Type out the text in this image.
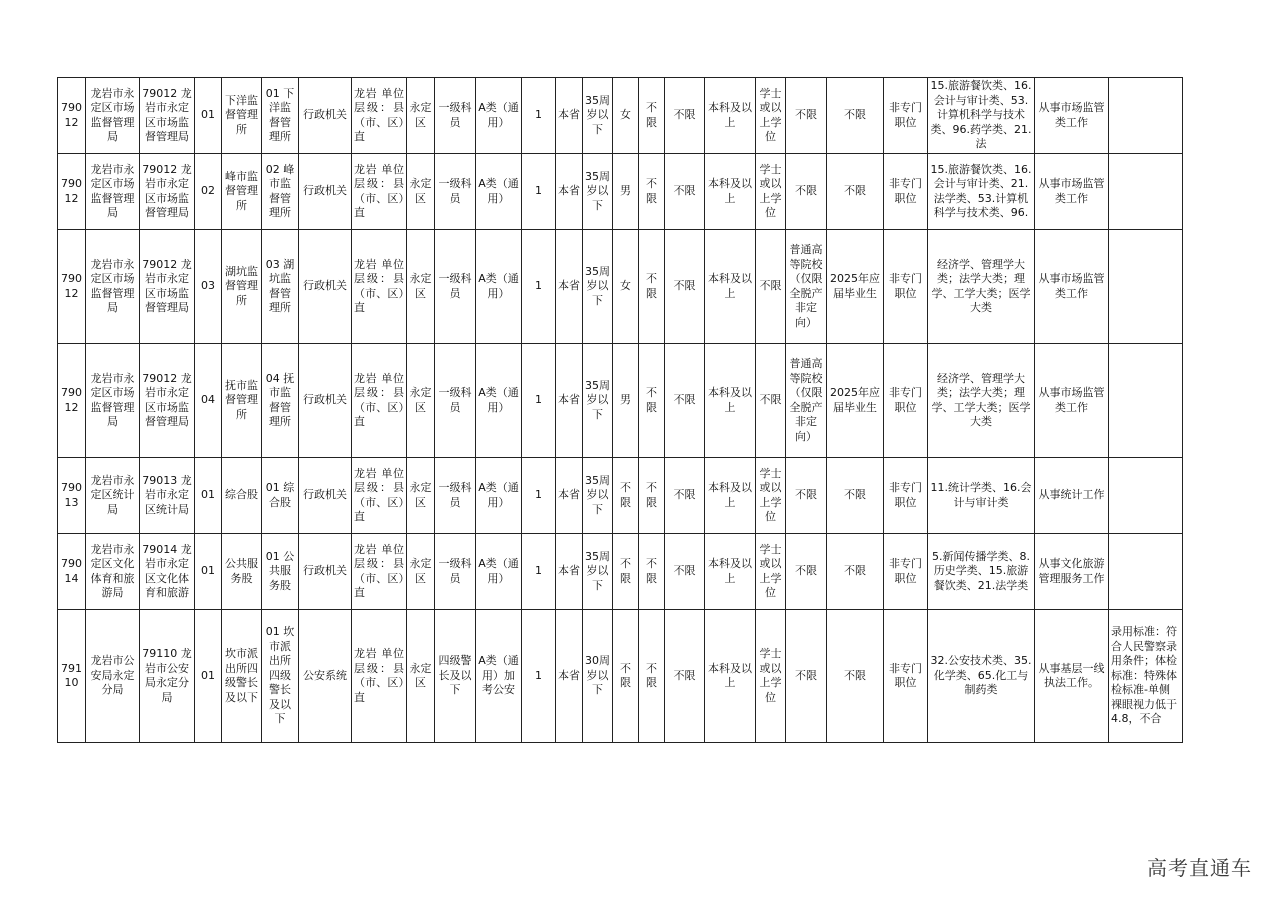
79012	龙岩市永定区市场监督管理局	79012 龙岩市永定区市场监督管理局	01	下洋监督管理所	01 下洋监督管理所	行政机关	龙岩 单位层级：县（市、区）直	永定区	一级科员	A类（通用）	1	本省	35周岁以下	女	不限	不限	本科及以上	学士或以上学位	不限	不限	非专门职位	15.旅游餐饮类、16.会计与审计类、53.计算机科学与技术类、96.药学类、21.法	从事市场监管类工作	
79012	龙岩市永定区市场监督管理局	79012 龙岩市永定区市场监督管理局	02	峰市监督管理所	02 峰市监督管理所	行政机关	龙岩 单位层级：县（市、区）直	永定区	一级科员	A类（通用）	1	本省	35周岁以下	男	不限	不限	本科及以上	学士或以上学位	不限	不限	非专门职位	15.旅游餐饮类、16.会计与审计类、21.法学类、53.计算机科学与技术类、96.	从事市场监管类工作	
79012	龙岩市永定区市场监督管理局	79012 龙岩市永定区市场监督管理局	03	湖坑监督管理所	03 湖坑监督管理所	行政机关	龙岩 单位层级：县（市、区）直	永定区	一级科员	A类（通用）	1	本省	35周岁以下	女	不限	不限	本科及以上	不限	普通高等院校（仅限全脱产非定向）	2025年应届毕业生	非专门职位	经济学、管理学大类；法学大类；理学、工学大类；医学大类	从事市场监管类工作	
79012	龙岩市永定区市场监督管理局	79012 龙岩市永定区市场监督管理局	04	抚市监督管理所	04 抚市监督管理所	行政机关	龙岩 单位层级：县（市、区）直	永定区	一级科员	A类（通用）	1	本省	35周岁以下	男	不限	不限	本科及以上	不限	普通高等院校（仅限全脱产非定向）	2025年应届毕业生	非专门职位	经济学、管理学大类；法学大类；理学、工学大类；医学大类	从事市场监管类工作	
79013	龙岩市永定区统计局	79013 龙岩市永定区统计局	01	综合股	01 综合股	行政机关	龙岩 单位层级：县（市、区）直	永定区	一级科员	A类（通用）	1	本省	35周岁以下	不限	不限	不限	本科及以上	学士或以上学位	不限	不限	非专门职位	11.统计学类、16.会计与审计类	从事统计工作	
79014	龙岩市永定区文化体育和旅游局	79014 龙岩市永定区文化体育和旅游	01	公共服务股	01 公共服务股	行政机关	龙岩 单位层级：县（市、区）直	永定区	一级科员	A类（通用）	1	本省	35周岁以下	不限	不限	不限	本科及以上	学士或以上学位	不限	不限	非专门职位	5.新闻传播学类、8.历史学类、15.旅游餐饮类、21.法学类	从事文化旅游管理服务工作	
79110	龙岩市公安局永定分局	79110 龙岩市公安局永定分局	01	坎市派出所四级警长及以下	01 坎市派出所四级警长及以下	公安系统	龙岩 单位层级：县（市、区）直	永定区	四级警长及以下	A类（通用）加考公安	1	本省	30周岁以下	不限	不限	不限	本科及以上	学士或以上学位	不限	不限	非专门职位	32.公安技术类、35.化学类、65.化工与制药类	从事基层一线执法工作。	录用标准：符合人民警察录用条件；体检标准：特殊体检标准-单侧裸眼视力低于4.8，不合
高考直通车
